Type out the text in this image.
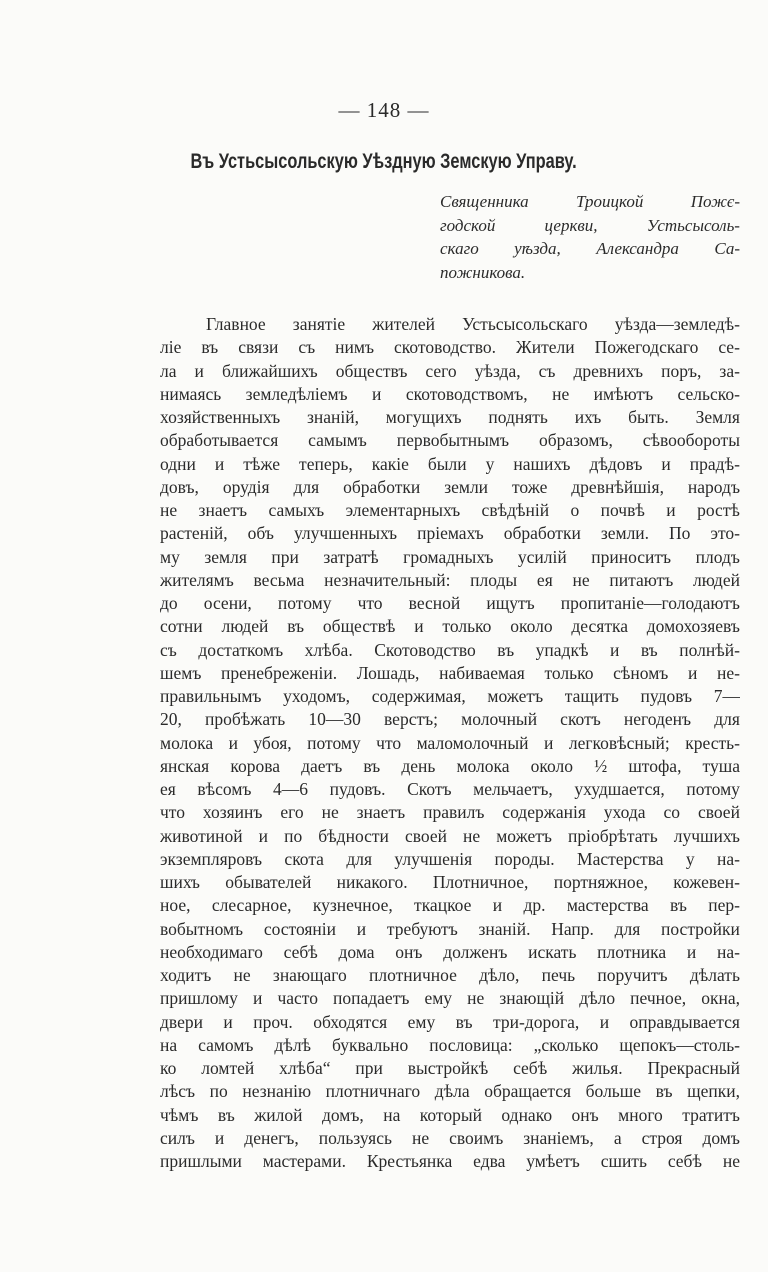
— 148 —
Въ Устьсысольскую Уѣздную Земскую Управу.
Священника	Троицкой	Пожє-
годской	церкви,	Устьсысоль-
скаго уѣзда, Александра Са-
пожникова.
Главное занятіе жителей Устьсысольскаго уѣзда—земледѣ-
ліе въ связи съ нимъ скотоводство. Жители Пожегодскаго се-
ла и ближайшихъ обществъ сего уѣзда, съ древнихъ поръ, за-
нимаясь земледѣліемъ и скотоводствомъ, не имѣютъ сельско-
хозяйственныхъ знаній, могущихъ поднять ихъ быть. Земля
обработывается самымъ первобытнымъ образомъ, сѣвообороты
одни и тѣже теперь, какіе были у нашихъ дѣдовъ и прадѣ-
довъ, орудія для обработки земли тоже древнѣйшія, народъ
не знаетъ самыхъ элементарныхъ свѣдѣній о почвѣ и ростѣ
растеній, объ улучшенныхъ пріемахъ обработки земли. По это-
му земля при затратѣ громадныхъ усилій приноситъ плодъ
жителямъ весьма незначительный: плоды ея не питаютъ людей
до осени, потому что весной ищутъ пропитаніе—голодаютъ
сотни людей въ обществѣ и только около десятка домохозяевъ
съ достаткомъ хлѣба. Скотоводство въ упадкѣ и въ полнѣй-
шемъ пренебреженіи. Лошадь, набиваемая только сѣномъ и не-
правильнымъ уходомъ, содержимая, можетъ тащить пудовъ 7—
20, пробѣжать 10—30 верстъ; молочный скотъ негоденъ для
молока и убоя, потому что маломолочный и легковѣсный; кресть-
янская корова даетъ въ день молока около ½ штофа, туша
ея вѣсомъ 4—6 пудовъ. Скотъ мельчаетъ, ухудшается, потому
что хозяинъ его не знаетъ правилъ содержанія ухода со своей
животиной и по бѣдности своей не можетъ пріобрѣтать лучшихъ
экземпляровъ скота для улучшенія породы. Мастерства у на-
шихъ обывателей никакого. Плотничное, портняжное, кожевен-
ное, слесарное, кузнечное, ткацкое и др. мастерства въ пер-
вобытномъ состояніи и требуютъ знаній. Напр. для постройки
необходимаго себѣ дома онъ долженъ искать плотника и на-
ходитъ не знающаго плотничное дѣло, печь поручитъ дѣлать
пришлому и часто попадаетъ ему не знающій дѣло печное, окна,
двери и проч. обходятся ему въ три-дорога, и оправдывается
на самомъ дѣлѣ буквально пословица: „сколько щепокъ—столь-
ко ломтей хлѣба“ при выстройкѣ себѣ жилья. Прекрасный
лѣсъ по незнанію плотничнаго дѣла обращается больше въ щепки,
чѣмъ въ жилой домъ, на который однако онъ много тратитъ
силъ и денегъ, пользуясь не своимъ знаніемъ, а строя домъ
пришлыми мастерами. Крестьянка едва умѣетъ сшить себѣ не
